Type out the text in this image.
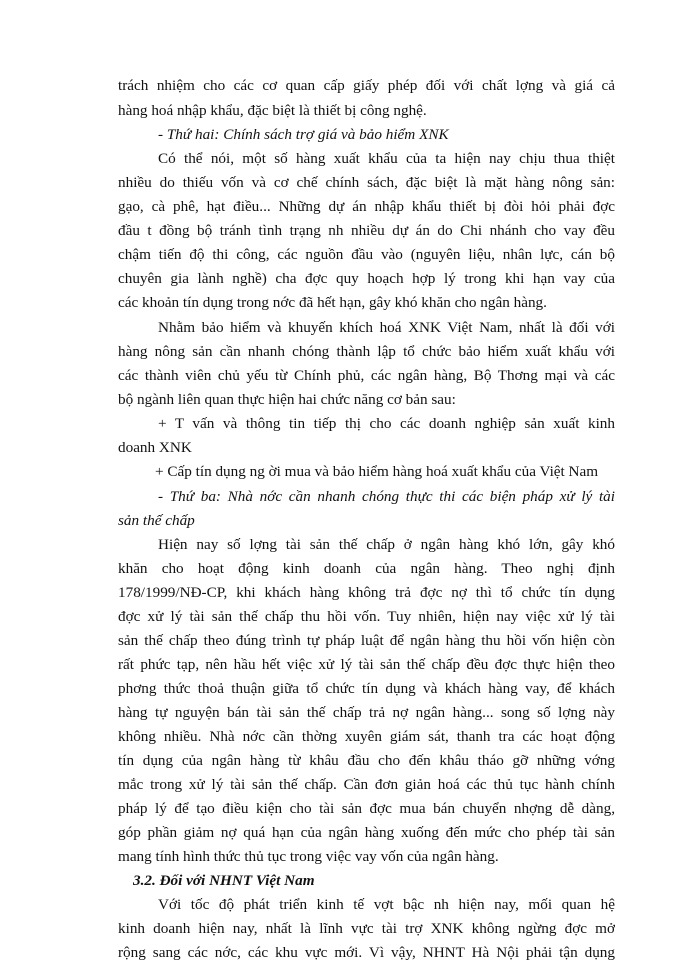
trách nhiệm cho các cơ quan cấp giấy phép đối với chất lợng và giá cả
hàng hoá nhập khẩu, đặc biệt là thiết bị công nghệ.
- Thứ hai: Chính sách trợ giá và bảo hiểm XNK
Có thể nói, một số hàng xuất khẩu của ta hiện nay chịu thua thiệt
nhiều do thiếu vốn và cơ chế chính sách, đặc biệt là mặt hàng nông sản:
gạo, cà phê, hạt điều... Những dự án nhập khẩu thiết bị đòi hỏi phải đợc
đầu t đồng bộ tránh tình trạng nh nhiều dự án do Chi nhánh cho vay đều
chậm tiến độ thi công, các nguồn đầu vào (nguyên liệu, nhân lực, cán bộ
chuyên gia lành nghề) cha đợc quy hoạch hợp lý trong khi hạn vay của
các khoản tín dụng trong nớc đã hết hạn, gây khó khăn cho ngân hàng.
Nhằm bảo hiểm và khuyến khích hoá XNK Việt Nam, nhất là đối với
hàng nông sản cần nhanh chóng thành lập tổ chức bảo hiểm xuất khẩu với
các thành viên chủ yếu từ Chính phủ, các ngân hàng, Bộ Thơng mại và các
bộ ngành liên quan thực hiện hai chức năng cơ bản sau:
+ T vấn và thông tin tiếp thị cho các doanh nghiệp sản xuất kinh
doanh XNK
+ Cấp tín dụng ng ời mua và bảo hiểm hàng hoá xuất khẩu của Việt Nam
- Thứ ba: Nhà nớc cần nhanh chóng thực thi các biện pháp xử lý tài
sản thế chấp
Hiện nay số lợng tài sản thế chấp ở ngân hàng khó lớn, gây khó
khăn cho hoạt động kinh doanh của ngân hàng. Theo nghị định
178/1999/NĐ-CP, khi khách hàng không trả đợc nợ thì tổ chức tín dụng
đợc xử lý tài sản thế chấp thu hồi vốn. Tuy nhiên, hiện nay việc xử lý tài
sản thế chấp theo đúng trình tự pháp luật để ngân hàng thu hồi vốn hiện còn
rất phức tạp, nên hầu hết việc xử lý tài sản thế chấp đều đợc thực hiện theo
phơng thức thoả thuận giữa tổ chức tín dụng và khách hàng vay, để khách
hàng tự nguyện bán tài sản thế chấp trả nợ ngân hàng... song số lợng này
không nhiều. Nhà nớc cần thờng xuyên giám sát, thanh tra các hoạt động
tín dụng của ngân hàng từ khâu đầu cho đến khâu tháo gỡ những vớng
mắc trong xử lý tài sản thế chấp. Cần đơn giản hoá các thủ tục hành chính
pháp lý để tạo điều kiện cho tài sản đợc mua bán chuyển nhợng dễ dàng,
góp phần giảm nợ quá hạn của ngân hàng xuống đến mức cho phép tài sản
mang tính hình thức thủ tục trong việc vay vốn của ngân hàng.
3.2. Đối với NHNT Việt Nam
Với tốc độ phát triển kinh tế vợt bậc nh hiện nay, mối quan hệ
kinh doanh hiện nay, nhất là lĩnh vực tài trợ XNK không ngừng đợc mở
rộng sang các nớc, các khu vực mới. Vì vậy, NHNT Hà Nội phải tận dụng
